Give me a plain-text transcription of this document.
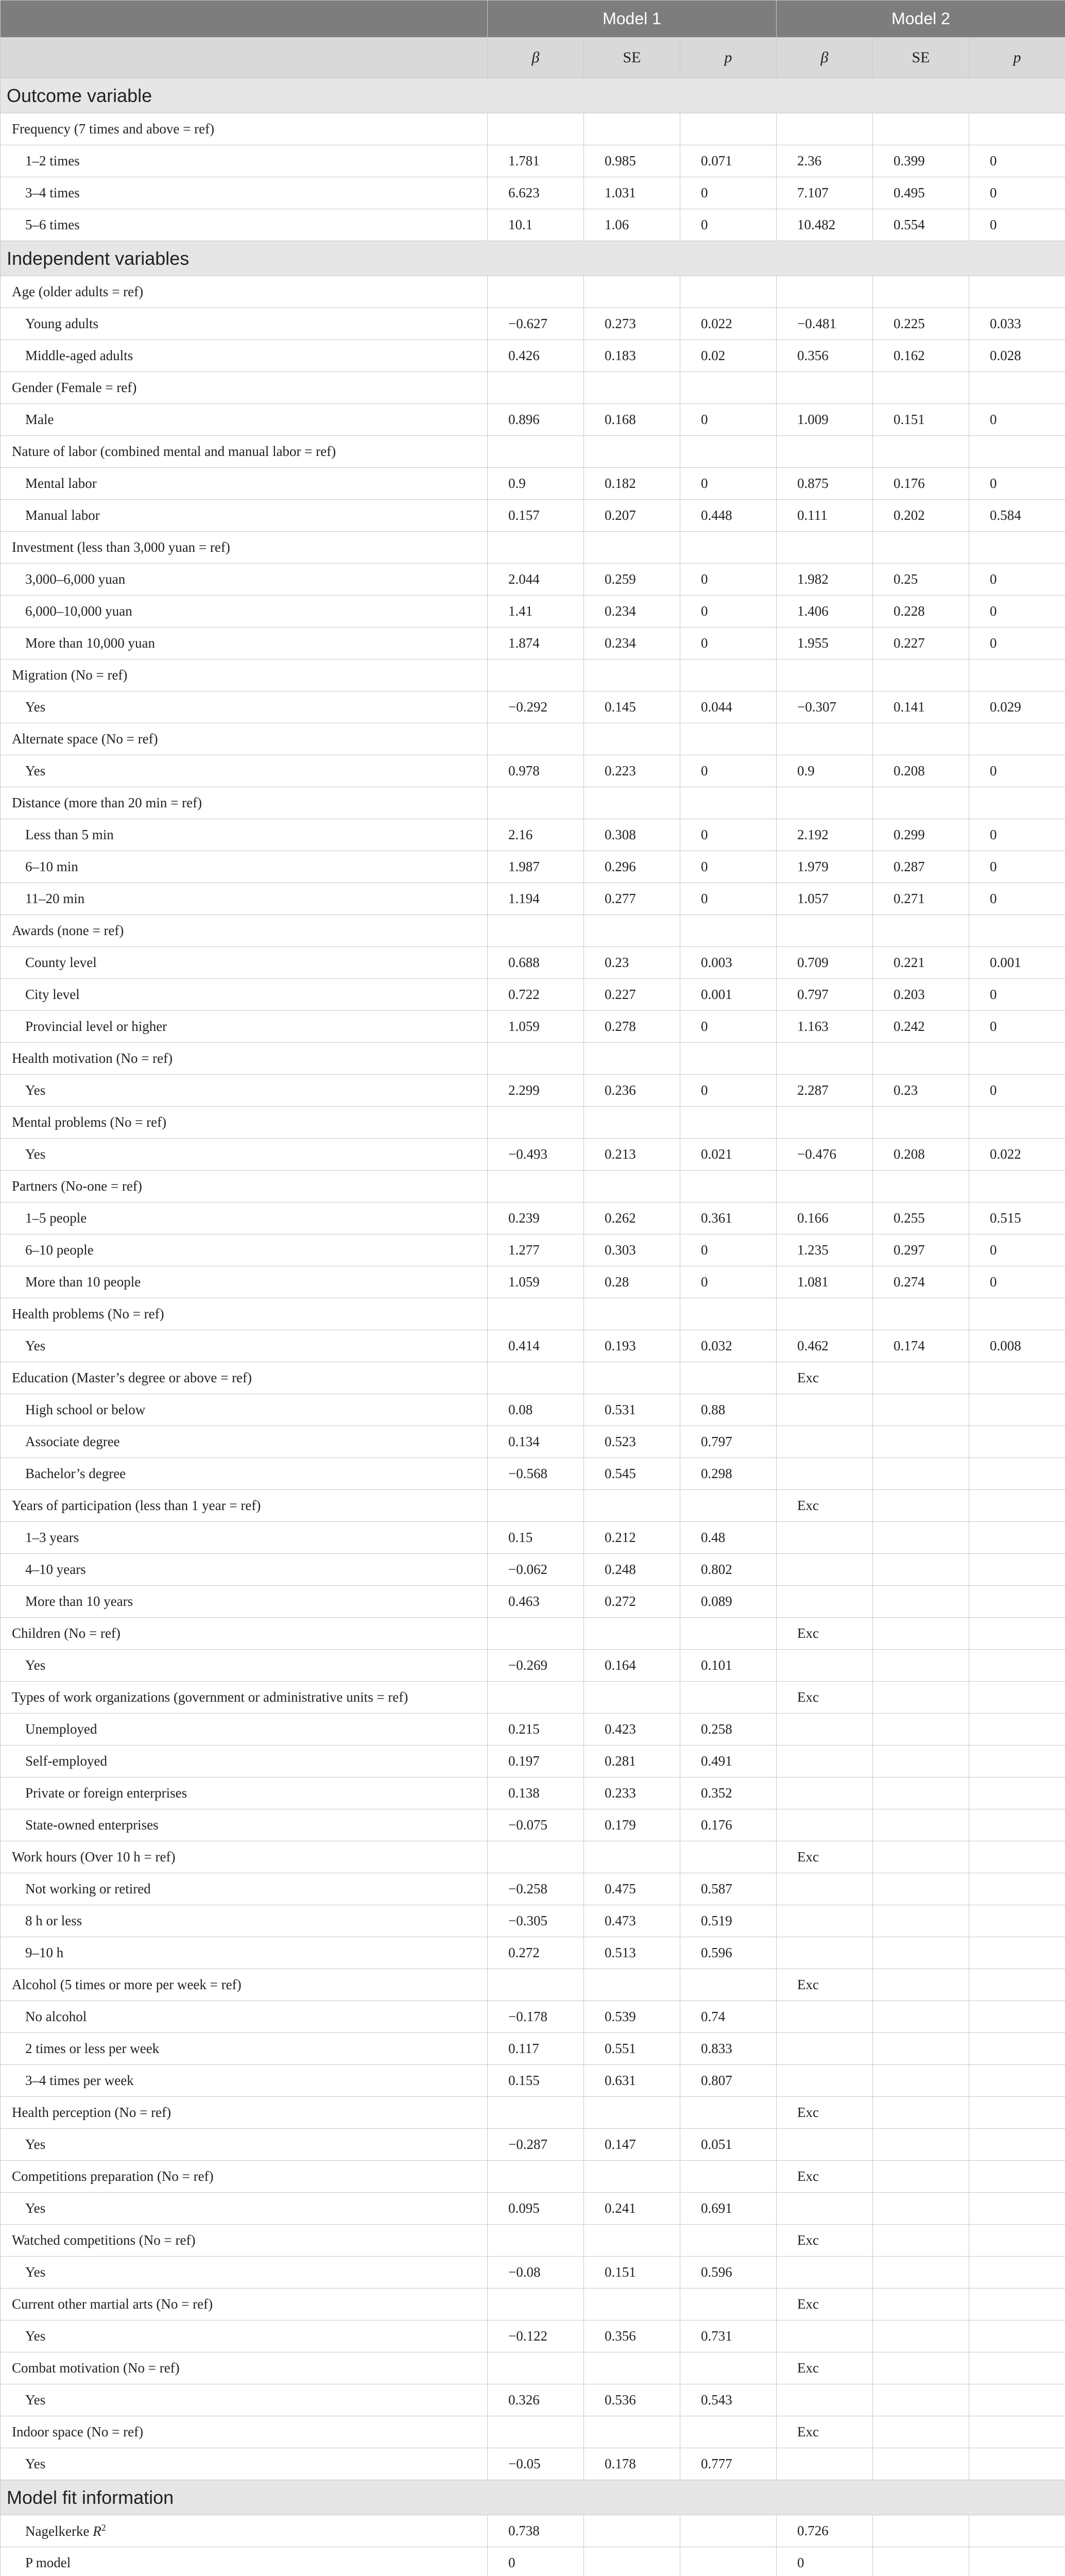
	Model 1			Model 2		
	β	SE	p	β	SE	p
Outcome variable						
Frequency (7 times and above = ref)						
1–2 times	1.781	0.985	0.071	2.36	0.399	0
3–4 times	6.623	1.031	0	7.107	0.495	0
5–6 times	10.1	1.06	0	10.482	0.554	0
Independent variables						
Age (older adults = ref)						
Young adults	−0.627	0.273	0.022	−0.481	0.225	0.033
Middle-aged adults	0.426	0.183	0.02	0.356	0.162	0.028
Gender (Female = ref)						
Male	0.896	0.168	0	1.009	0.151	0
Nature of labor (combined mental and manual labor = ref)						
Mental labor	0.9	0.182	0	0.875	0.176	0
Manual labor	0.157	0.207	0.448	0.111	0.202	0.584
Investment (less than 3,000 yuan = ref)						
3,000–6,000 yuan	2.044	0.259	0	1.982	0.25	0
6,000–10,000 yuan	1.41	0.234	0	1.406	0.228	0
More than 10,000 yuan	1.874	0.234	0	1.955	0.227	0
Migration (No = ref)						
Yes	−0.292	0.145	0.044	−0.307	0.141	0.029
Alternate space (No = ref)						
Yes	0.978	0.223	0	0.9	0.208	0
Distance (more than 20 min = ref)						
Less than 5 min	2.16	0.308	0	2.192	0.299	0
6–10 min	1.987	0.296	0	1.979	0.287	0
11–20 min	1.194	0.277	0	1.057	0.271	0
Awards (none = ref)						
County level	0.688	0.23	0.003	0.709	0.221	0.001
City level	0.722	0.227	0.001	0.797	0.203	0
Provincial level or higher	1.059	0.278	0	1.163	0.242	0
Health motivation (No = ref)						
Yes	2.299	0.236	0	2.287	0.23	0
Mental problems (No = ref)						
Yes	−0.493	0.213	0.021	−0.476	0.208	0.022
Partners (No-one = ref)						
1–5 people	0.239	0.262	0.361	0.166	0.255	0.515
6–10 people	1.277	0.303	0	1.235	0.297	0
More than 10 people	1.059	0.28	0	1.081	0.274	0
Health problems (No = ref)						
Yes	0.414	0.193	0.032	0.462	0.174	0.008
Education (Master’s degree or above = ref)				Exc		
High school or below	0.08	0.531	0.88			
Associate degree	0.134	0.523	0.797			
Bachelor’s degree	−0.568	0.545	0.298			
Years of participation (less than 1 year = ref)				Exc		
1–3 years	0.15	0.212	0.48			
4–10 years	−0.062	0.248	0.802			
More than 10 years	0.463	0.272	0.089			
Children (No = ref)				Exc		
Yes	−0.269	0.164	0.101			
Types of work organizations (government or administrative units = ref)				Exc		
Unemployed	0.215	0.423	0.258			
Self-employed	0.197	0.281	0.491			
Private or foreign enterprises	0.138	0.233	0.352			
State-owned enterprises	−0.075	0.179	0.176			
Work hours (Over 10 h = ref)				Exc		
Not working or retired	−0.258	0.475	0.587			
8 h or less	−0.305	0.473	0.519			
9–10 h	0.272	0.513	0.596			
Alcohol (5 times or more per week = ref)				Exc		
No alcohol	−0.178	0.539	0.74			
2 times or less per week	0.117	0.551	0.833			
3–4 times per week	0.155	0.631	0.807			
Health perception (No = ref)				Exc		
Yes	−0.287	0.147	0.051			
Competitions preparation (No = ref)				Exc		
Yes	0.095	0.241	0.691			
Watched competitions (No = ref)				Exc		
Yes	−0.08	0.151	0.596			
Current other martial arts (No = ref)				Exc		
Yes	−0.122	0.356	0.731			
Combat motivation (No = ref)				Exc		
Yes	0.326	0.536	0.543			
Indoor space (No = ref)				Exc		
Yes	−0.05	0.178	0.777			
Model fit information						
Nagelkerke $R^2$	0.738			0.726		
P model	0			0		
